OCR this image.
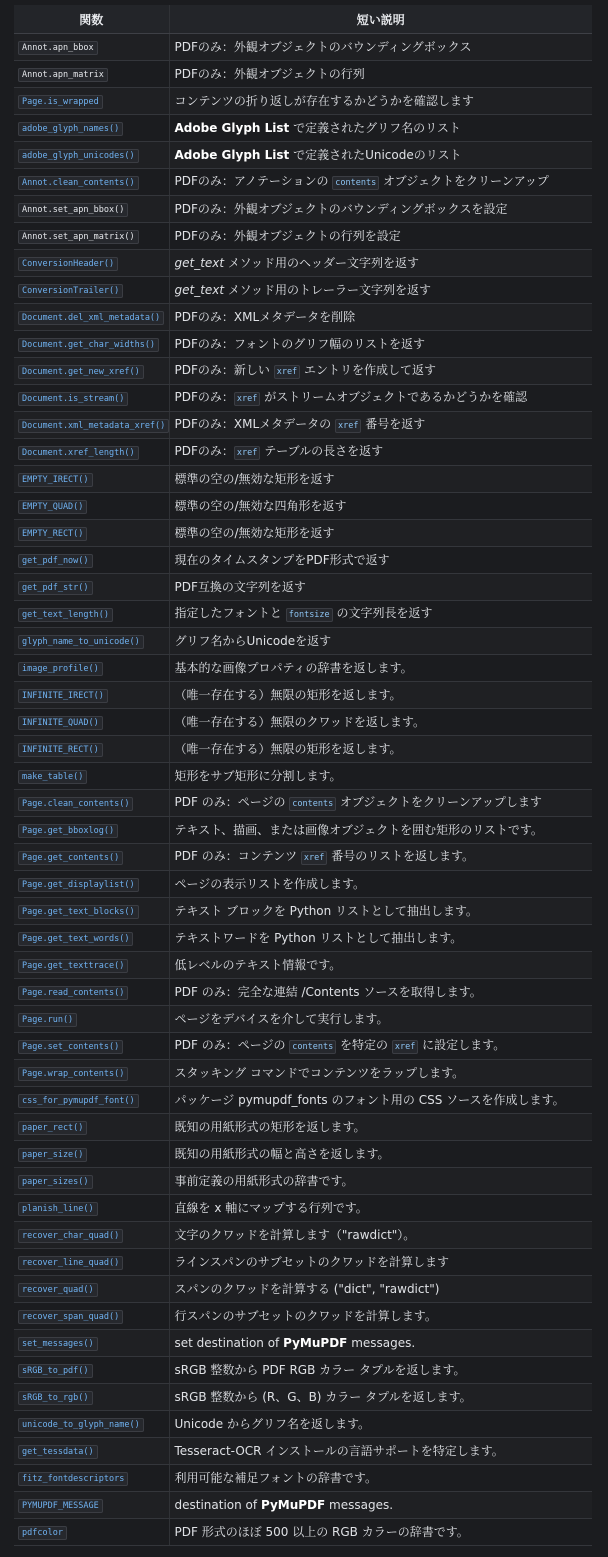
関数	短い説明
Annot.apn_bbox	PDFのみ：外観オブジェクトのバウンディングボックス
Annot.apn_matrix	PDFのみ：外観オブジェクトの行列
Page.is_wrapped	コンテンツの折り返しが存在するかどうかを確認します
adobe_glyph_names()	Adobe Glyph List で定義されたグリフ名のリスト
adobe_glyph_unicodes()	Adobe Glyph List で定義されたUnicodeのリスト
Annot.clean_contents()	PDFのみ：アノテーションの contents オブジェクトをクリーンアップ
Annot.set_apn_bbox()	PDFのみ：外観オブジェクトのバウンディングボックスを設定
Annot.set_apn_matrix()	PDFのみ：外観オブジェクトの行列を設定
ConversionHeader()	get_text メソッド用のヘッダー文字列を返す
ConversionTrailer()	get_text メソッド用のトレーラー文字列を返す
Document.del_xml_metadata()	PDFのみ：XMLメタデータを削除
Document.get_char_widths()	PDFのみ：フォントのグリフ幅のリストを返す
Document.get_new_xref()	PDFのみ：新しい xref エントリを作成して返す
Document.is_stream()	PDFのみ： xref がストリームオブジェクトであるかどうかを確認
Document.xml_metadata_xref()	PDFのみ：XMLメタデータの xref 番号を返す
Document.xref_length()	PDFのみ： xref テーブルの長さを返す
EMPTY_IRECT()	標準の空の/無効な矩形を返す
EMPTY_QUAD()	標準の空の/無効な四角形を返す
EMPTY_RECT()	標準の空の/無効な矩形を返す
get_pdf_now()	現在のタイムスタンプをPDF形式で返す
get_pdf_str()	PDF互換の文字列を返す
get_text_length()	指定したフォントと fontsize の文字列長を返す
glyph_name_to_unicode()	グリフ名からUnicodeを返す
image_profile()	基本的な画像プロパティの辞書を返します。
INFINITE_IRECT()	（唯一存在する）無限の矩形を返します。
INFINITE_QUAD()	（唯一存在する）無限のクワッドを返します。
INFINITE_RECT()	（唯一存在する）無限の矩形を返します。
make_table()	矩形をサブ矩形に分割します。
Page.clean_contents()	PDF のみ：ページの contents オブジェクトをクリーンアップします
Page.get_bboxlog()	テキスト、描画、または画像オブジェクトを囲む矩形のリストです。
Page.get_contents()	PDF のみ：コンテンツ xref 番号のリストを返します。
Page.get_displaylist()	ページの表示リストを作成します。
Page.get_text_blocks()	テキスト ブロックを Python リストとして抽出します。
Page.get_text_words()	テキストワードを Python リストとして抽出します。
Page.get_texttrace()	低レベルのテキスト情報です。
Page.read_contents()	PDF のみ：完全な連結 /Contents ソースを取得します。
Page.run()	ページをデバイスを介して実行します。
Page.set_contents()	PDF のみ：ページの contents を特定の xref に設定します。
Page.wrap_contents()	スタッキング コマンドでコンテンツをラップします。
css_for_pymupdf_font()	パッケージ pymupdf_fonts のフォント用の CSS ソースを作成します。
paper_rect()	既知の用紙形式の矩形を返します。
paper_size()	既知の用紙形式の幅と高さを返します。
paper_sizes()	事前定義の用紙形式の辞書です。
planish_line()	直線を x 軸にマップする行列です。
recover_char_quad()	文字のクワッドを計算します（"rawdict"）。
recover_line_quad()	ラインスパンのサブセットのクワッドを計算します
recover_quad()	スパンのクワッドを計算する ("dict", "rawdict")
recover_span_quad()	行スパンのサブセットのクワッドを計算します。
set_messages()	set destination of PyMuPDF messages.
sRGB_to_pdf()	sRGB 整数から PDF RGB カラー タプルを返します。
sRGB_to_rgb()	sRGB 整数から (R、G、B) カラー タプルを返します。
unicode_to_glyph_name()	Unicode からグリフ名を返します。
get_tessdata()	Tesseract-OCR インストールの言語サポートを特定します。
fitz_fontdescriptors	利用可能な補足フォントの辞書です。
PYMUPDF_MESSAGE	destination of PyMuPDF messages.
pdfcolor	PDF 形式のほぼ 500 以上の RGB カラーの辞書です。
